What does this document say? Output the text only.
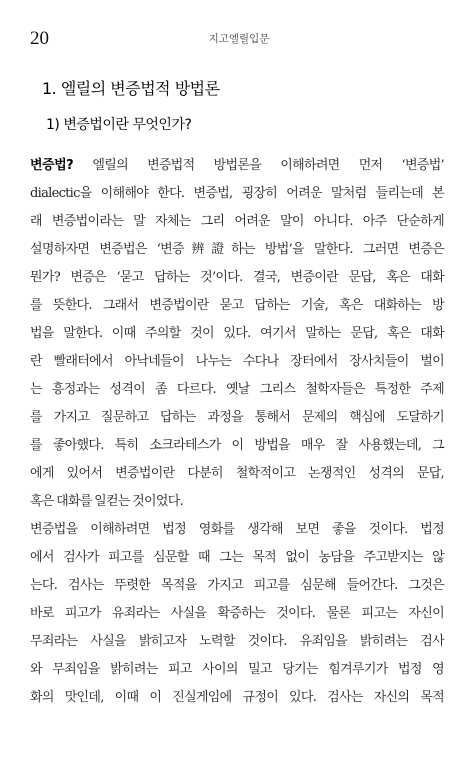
20	지고엘릴입문
1. 엘릴의 변증법적 방법론
1) 변증법이란 무엇인가?
변증법? 엘릴의 변증법적 방법론을 이해하려면 먼저 ‘변증법’
dialectic을 이해해야 한다. 변증법, 굉장히 어려운 말처럼 들리는데 본
래 변증법이라는 말 자체는 그리 어려운 말이 아니다. 아주 단순하게
설명하자면 변증법은 ‘변증辨證하는 방법’을 말한다. 그러면 변증은
뭔가? 변증은 ‘묻고 답하는 것’이다. 결국, 변증이란 문답, 혹은 대화
를 뜻한다. 그래서 변증법이란 묻고 답하는 기술, 혹은 대화하는 방
법을 말한다. 이때 주의할 것이 있다. 여기서 말하는 문답, 혹은 대화
란 빨래터에서 아낙네들이 나누는 수다나 장터에서 장사치들이 벌이
는 흥정과는 성격이 좀 다르다. 옛날 그리스 철학자들은 특정한 주제
를 가지고 질문하고 답하는 과정을 통해서 문제의 핵심에 도달하기
를 좋아했다. 특히 소크라테스가 이 방법을 매우 잘 사용했는데, 그
에게 있어서 변증법이란 다분히 철학적이고 논쟁적인 성격의 문답,
혹은 대화를 일컫는 것이었다.
변증법을 이해하려면 법정 영화를 생각해 보면 좋을 것이다. 법정
에서 검사가 피고를 심문할 때 그는 목적 없이 농담을 주고받지는 않
는다. 검사는 뚜렷한 목적을 가지고 피고를 심문해 들어간다. 그것은
바로 피고가 유죄라는 사실을 확증하는 것이다. 물론 피고는 자신이
무죄라는 사실을 밝히고자 노력할 것이다. 유죄임을 밝히려는 검사
와 무죄임을 밝히려는 피고 사이의 밀고 당기는 힘겨루기가 법정 영
화의 맛인데, 이때 이 진실게임에 규정이 있다. 검사는 자신의 목적
